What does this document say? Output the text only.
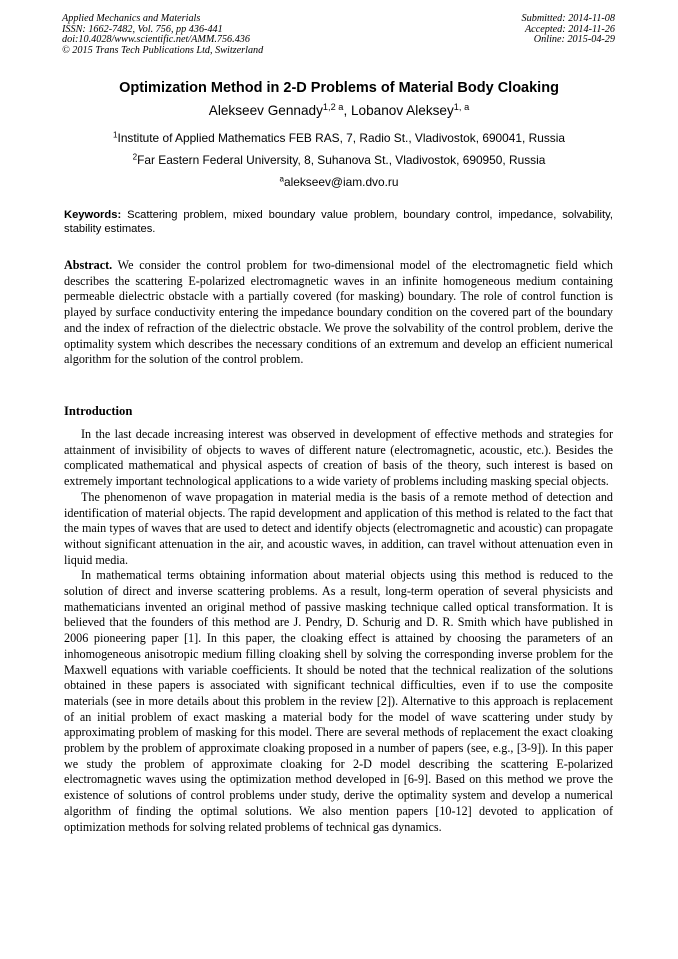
Applied Mechanics and Materials
ISSN: 1662-7482, Vol. 756, pp 436-441
doi:10.4028/www.scientific.net/AMM.756.436
© 2015 Trans Tech Publications Ltd, Switzerland
Submitted: 2014-11-08
Accepted: 2014-11-26
Online: 2015-04-29
Optimization Method in 2-D Problems of Material Body Cloaking
Alekseev Gennady$^{1,2 a}$, Lobanov Aleksey$^{1, a}$
$^1$Institute of Applied Mathematics FEB RAS, 7, Radio St., Vladivostok, 690041, Russia
$^2$Far Eastern Federal University, 8, Suhanova St., Vladivostok, 690950, Russia
$^a$alekseev@iam.dvo.ru
Keywords: Scattering problem, mixed boundary value problem, boundary control, impedance, solvability, stability estimates.
Abstract. We consider the control problem for two-dimensional model of the electromagnetic field which describes the scattering E-polarized electromagnetic waves in an infinite homogeneous medium containing permeable dielectric obstacle with a partially covered (for masking) boundary. The role of control function is played by surface conductivity entering the impedance boundary condition on the covered part of the boundary and the index of refraction of the dielectric obstacle. We prove the solvability of the control problem, derive the optimality system which describes the necessary conditions of an extremum and develop an efficient numerical algorithm for the solution of the control problem.
Introduction

In the last decade increasing interest was observed in development of effective methods and strategies for attainment of invisibility of objects to waves of different nature (electromagnetic, acoustic, etc.). Besides the complicated mathematical and physical aspects of creation of basis of the theory, such interest is based on extremely important technological applications to a wide variety of problems including masking special objects.

The phenomenon of wave propagation in material media is the basis of a remote method of detection and identification of material objects. The rapid development and application of this method is related to the fact that the main types of waves that are used to detect and identify objects (electromagnetic and acoustic) can propagate without significant attenuation in the air, and acoustic waves, in addition, can travel without attenuation even in liquid media.

In mathematical terms obtaining information about material objects using this method is reduced to the solution of direct and inverse scattering problems. As a result, long-term operation of several physicists and mathematicians invented an original method of passive masking technique called optical transformation. It is believed that the founders of this method are J. Pendry, D. Schurig and D. R. Smith which have published in 2006 pioneering paper [1]. In this paper, the cloaking effect is attained by choosing the parameters of an inhomogeneous anisotropic medium filling cloaking shell by solving the corresponding inverse problem for the Maxwell equations with variable coefficients. It should be noted that the technical realization of the solutions obtained in these papers is associated with significant technical difficulties, even if to use the composite materials (see in more details about this problem in the review [2]). Alternative to this approach is replacement of an initial problem of exact masking a material body for the model of wave scattering under study by approximating problem of masking for this model. There are several methods of replacement the exact cloaking problem by the problem of approximate cloaking proposed in a number of papers (see, e.g., [3-9]). In this paper we study the problem of approximate cloaking for 2-D model describing the scattering E-polarized electromagnetic waves using the optimization method developed in [6-9]. Based on this method we prove the existence of solutions of control problems under study, derive the optimality system and develop a numerical algorithm of finding the optimal solutions. We also mention papers [10-12] devoted to application of optimization methods for solving related problems of technical gas dynamics.
